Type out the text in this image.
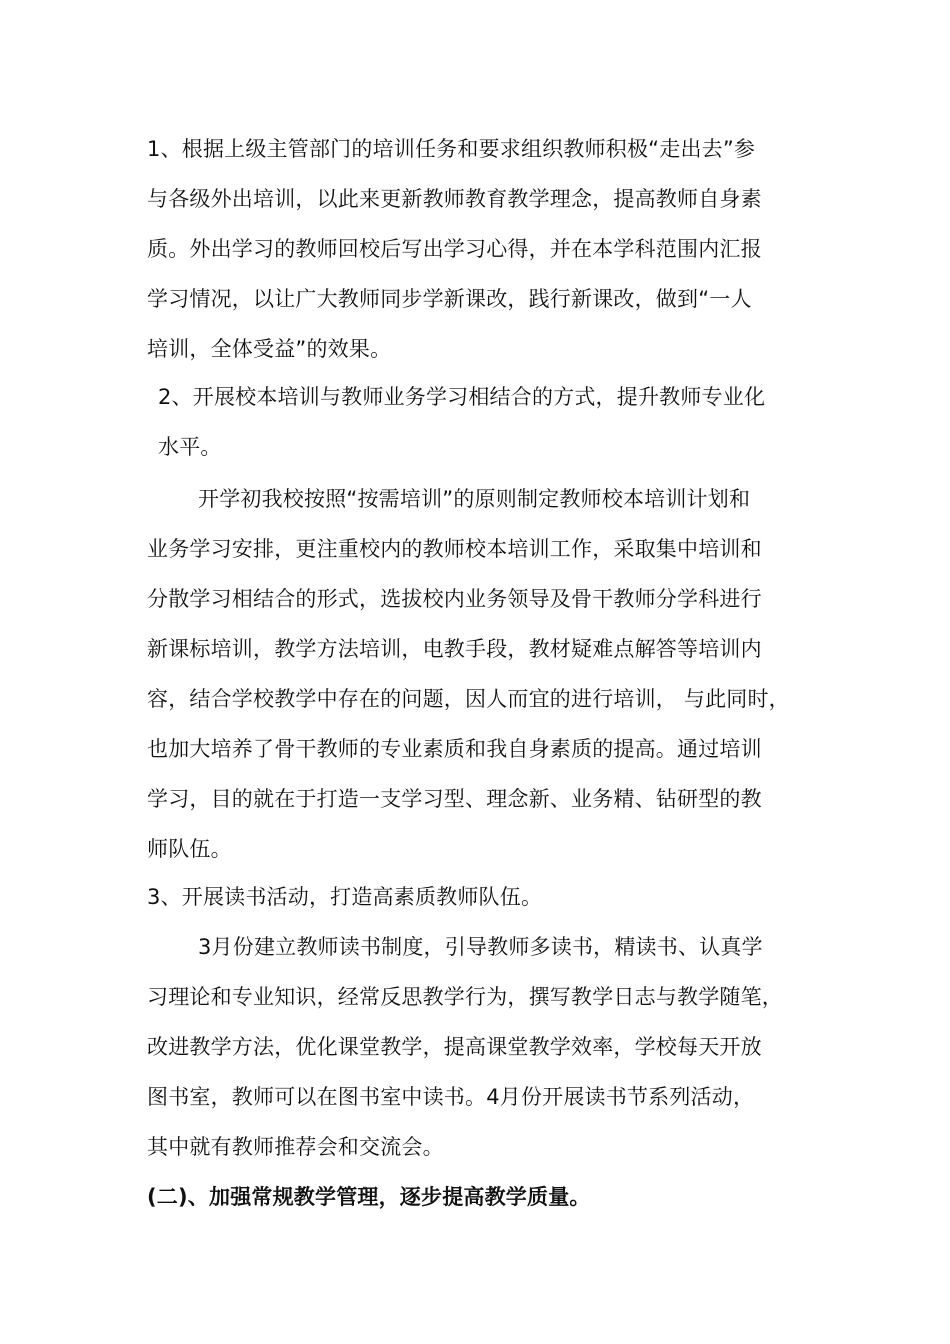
1、根据上级主管部门的培训任务和要求组织教师积极“走出去”参
与各级外出培训，以此来更新教师教育教学理念，提高教师自身素
质。外出学习的教师回校后写出学习心得，并在本学科范围内汇报
学习情况，以让广大教师同步学新课改，践行新课改，做到“一人
培训，全体受益”的效果。
2、开展校本培训与教师业务学习相结合的方式，提升教师专业化
水平。
开学初我校按照“按需培训”的原则制定教师校本培训计划和
业务学习安排，更注重校内的教师校本培训工作，采取集中培训和
分散学习相结合的形式，选拔校内业务领导及骨干教师分学科进行
新课标培训，教学方法培训，电教手段，教材疑难点解答等培训内
容，结合学校教学中存在的问题，因人而宜的进行培训， 与此同时，
也加大培养了骨干教师的专业素质和我自身素质的提高。通过培训
学习，目的就在于打造一支学习型、理念新、业务精、钻研型的教
师队伍。
3、开展读书活动，打造高素质教师队伍。
3月份建立教师读书制度，引导教师多读书，精读书、认真学
习理论和专业知识，经常反思教学行为，撰写教学日志与教学随笔，
改进教学方法，优化课堂教学，提高课堂教学效率，学校每天开放
图书室，教师可以在图书室中读书。4月份开展读书节系列活动，
其中就有教师推荐会和交流会。
(二)、加强常规教学管理，逐步提高教学质量。
